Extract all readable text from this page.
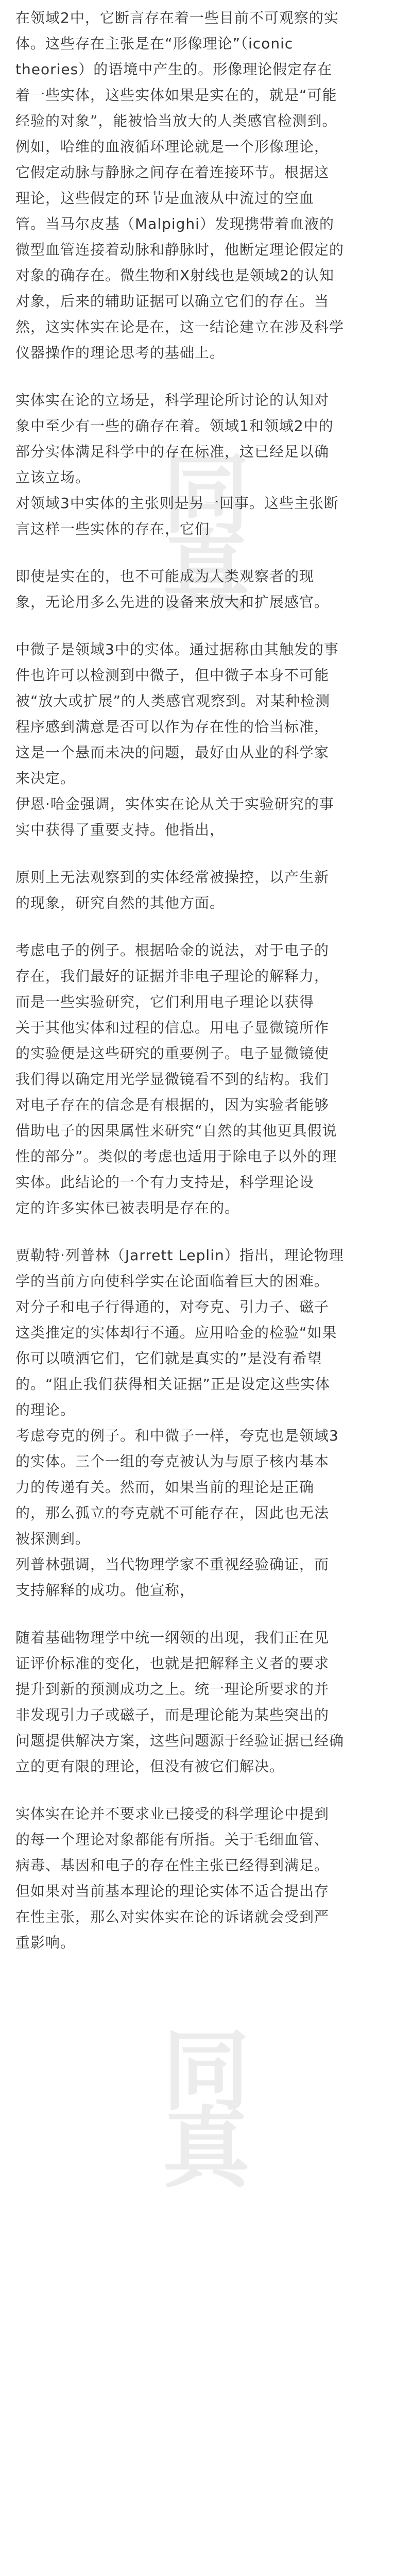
同
真
同
真
在领域2中，它断言存在着一些目前不可观察的实
体。这些存在主张是在“形像理论”（iconic
theories）的语境中产生的。形像理论假定存在
着一些实体，这些实体如果是实在的，就是“可能
经验的对象”，能被恰当放大的人类感官检测到。
例如，哈维的血液循环理论就是一个形像理论，
它假定动脉与静脉之间存在着连接环节。根据这
理论，这些假定的环节是血液从中流过的空血
管。当马尔皮基（Malpighi）发现携带着血液的
微型血管连接着动脉和静脉时，他断定理论假定的
对象的确存在。微生物和X射线也是领域2的认知
对象，后来的辅助证据可以确立它们的存在。当
然，这实体实在论是在，这一结论建立在涉及科学
仪器操作的理论思考的基础上。
实体实在论的立场是，科学理论所讨论的认知对
象中至少有一些的确存在着。领域1和领域2中的
部分实体满足科学中的存在标准，这已经足以确
立该立场。
对领域3中实体的主张则是另一回事。这些主张断
言这样一些实体的存在，它们
即使是实在的，也不可能成为人类观察者的现
象，无论用多么先进的设备来放大和扩展感官。
中微子是领域3中的实体。通过据称由其触发的事
件也许可以检测到中微子，但中微子本身不可能
被“放大或扩展”的人类感官观察到。对某种检测
程序感到满意是否可以作为存在性的恰当标准，
这是一个悬而未决的问题，最好由从业的科学家
来决定。
伊恩·哈金强调，实体实在论从关于实验研究的事
实中获得了重要支持。他指出，
原则上无法观察到的实体经常被操控，以产生新
的现象，研究自然的其他方面。
考虑电子的例子。根据哈金的说法，对于电子的
存在，我们最好的证据并非电子理论的解释力，
而是一些实验研究，它们利用电子理论以获得
关于其他实体和过程的信息。用电子显微镜所作
的实验便是这些研究的重要例子。电子显微镜使
我们得以确定用光学显微镜看不到的结构。我们
对电子存在的信念是有根据的，因为实验者能够
借助电子的因果属性来研究“自然的其他更具假说
性的部分”。类似的考虑也适用于除电子以外的理
实体。此结论的一个有力支持是，科学理论设
定的许多实体已被表明是存在的。
贾勒特·列普林（Jarrett Leplin）指出，理论物理
学的当前方向使科学实在论面临着巨大的困难。
对分子和电子行得通的，对夸克、引力子、磁子
这类推定的实体却行不通。应用哈金的检验“如果
你可以喷洒它们，它们就是真实的”是没有希望
的。“阻止我们获得相关证据”正是设定这些实体
的理论。
考虑夸克的例子。和中微子一样，夸克也是领域3
的实体。三个一组的夸克被认为与原子核内基本
力的传递有关。然而，如果当前的理论是正确
的，那么孤立的夸克就不可能存在，因此也无法
被探测到。
列普林强调，当代物理学家不重视经验确证，而
支持解释的成功。他宣称，
随着基础物理学中统一纲领的出现，我们正在见
证评价标准的变化，也就是把解释主义者的要求
提升到新的预测成功之上。统一理论所要求的并
非发现引力子或磁子，而是理论能为某些突出的
问题提供解决方案，这些问题源于经验证据已经确
立的更有限的理论，但没有被它们解决。
实体实在论并不要求业已接受的科学理论中提到
的每一个理论对象都能有所指。关于毛细血管、
病毒、基因和电子的存在性主张已经得到满足。
但如果对当前基本理论的理论实体不适合提出存
在性主张，那么对实体实在论的诉诸就会受到严
重影响。
